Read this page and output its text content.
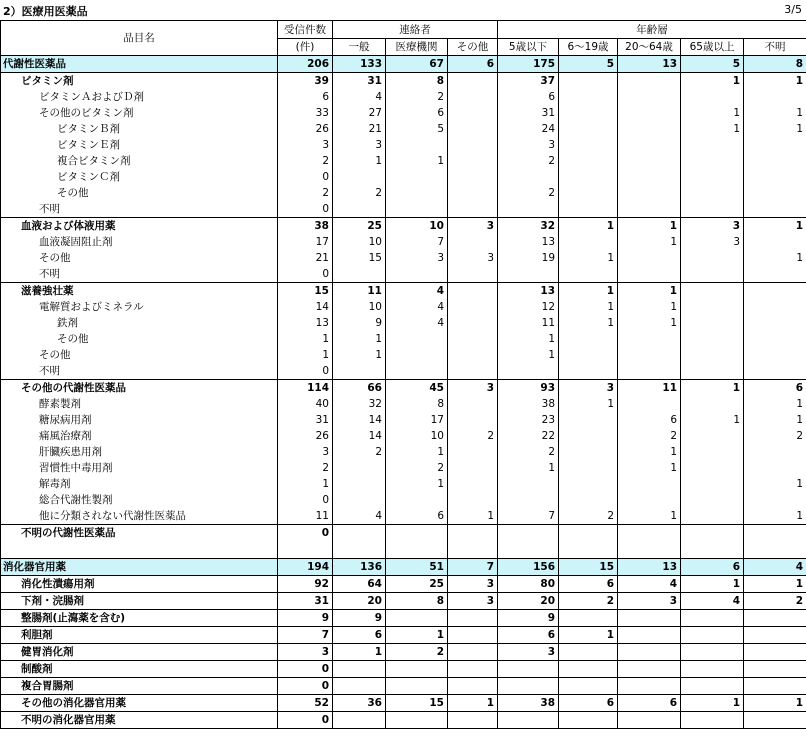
2）医療用医薬品	3/5
品目名	受信件数	連絡者			年齢層				
	(件)	一般	医療機関	その他	5歳以下	6～19歳	20～64歳	65歳以上	不明
代謝性医薬品	206	133	67	6	175	5	13	5	8
ビタミン剤	39	31	8		37			1	1
ビタミンＡおよびＤ剤	6	4	2		6				
その他のビタミン剤	33	27	6		31			1	1
ビタミンＢ剤	26	21	5		24			1	1
ビタミンＥ剤	3	3			3				
複合ビタミン剤	2	1	1		2				
ビタミンＣ剤	0								
その他	2	2			2				
不明	0								
血液および体液用薬	38	25	10	3	32	1	1	3	1
血液凝固阻止剤	17	10	7		13		1	3	
その他	21	15	3	3	19	1			1
不明	0								
滋養強壮薬	15	11	4		13	1	1		
電解質およびミネラル	14	10	4		12	1	1		
鉄剤	13	9	4		11	1	1		
その他	1	1			1				
その他	1	1			1				
不明	0								
その他の代謝性医薬品	114	66	45	3	93	3	11	1	6
酵素製剤	40	32	8		38	1			1
糖尿病用剤	31	14	17		23		6	1	1
痛風治療剤	26	14	10	2	22		2		2
肝臓疾患用剤	3	2	1		2		1		
習慣性中毒用剤	2		2		1		1		
解毒剤	1		1						1
総合代謝性製剤	0								
他に分類されない代謝性医薬品	11	4	6	1	7	2	1		1
不明の代謝性医薬品	0								

消化器官用薬	194	136	51	7	156	15	13	6	4
消化性潰瘍用剤	92	64	25	3	80	6	4	1	1
下剤・浣腸剤	31	20	8	3	20	2	3	4	2
整腸剤(止瀉薬を含む)	9	9			9				
利胆剤	7	6	1		6	1			
健胃消化剤	3	1	2		3				
制酸剤	0								
複合胃腸剤	0								
その他の消化器官用薬	52	36	15	1	38	6	6	1	1
不明の消化器官用薬	0								
